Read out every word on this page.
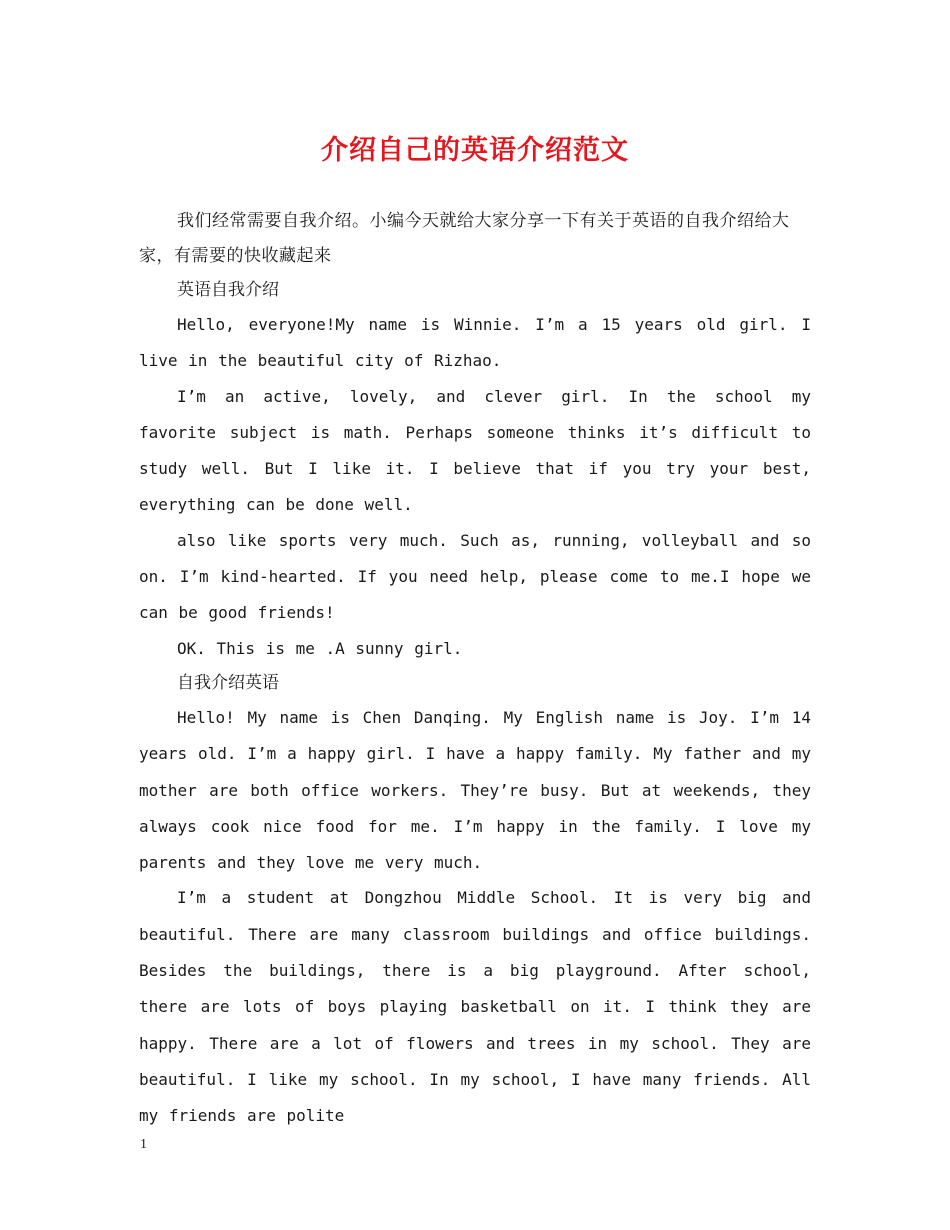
介绍自己的英语介绍范文

我们经常需要自我介绍。小编今天就给大家分享一下有关于英语的自我介绍给大家，有需要的快收藏起来

英语自我介绍

Hello, everyone!My name is Winnie. I’m a 15 years old girl. I live in the beautiful city of Rizhao.

I’m an active, lovely, and clever girl. In the school my favorite subject is math. Perhaps someone thinks it’s difficult to study well. But I like it. I believe that if you try your best, everything can be done well.

also like sports very much. Such as, running, volleyball and so on. I’m kind-hearted. If you need help, please come to me.I hope we can be good friends!

OK. This is me .A sunny girl.

自我介绍英语

Hello! My name is Chen Danqing. My English name is Joy. I’m 14 years old. I’m a happy girl. I have a happy family. My father and my mother are both office workers. They’re busy. But at weekends, they always cook nice food for me. I’m happy in the family. I love my parents and they love me very much.

I’m a student at Dongzhou Middle School. It is very big and beautiful. There are many classroom buildings and office buildings. Besides the buildings, there is a big playground. After school, there are lots of boys playing basketball on it. I think they are happy. There are a lot of flowers and trees in my school. They are beautiful. I like my school. In my school, I have many friends. All my friends are polite

1
